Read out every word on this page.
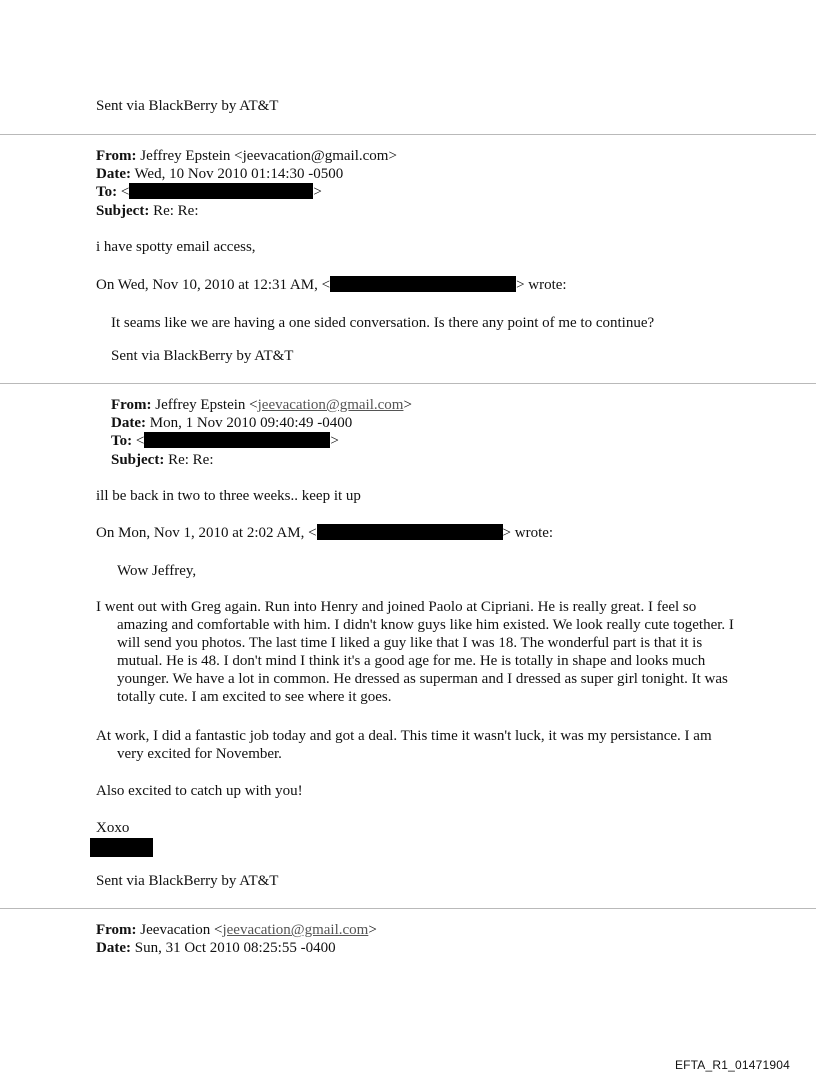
Sent via BlackBerry by AT&T
From: Jeffrey Epstein <jeevacation@gmail.com>
Date: Wed, 10 Nov 2010 01:14:30 -0500
To: <	>
Subject: Re: Re:
i have spotty email access,
On Wed, Nov 10, 2010 at 12:31 AM, <	> wrote:
It seams like we are having a one sided conversation. Is there any point of me to continue?
Sent via BlackBerry by AT&T
From: Jeffrey Epstein <jeevacation@gmail.com>
Date: Mon, 1 Nov 2010 09:40:49 -0400
To: <	>
Subject: Re: Re:
ill be back in two to three weeks.. keep it up
On Mon, Nov 1, 2010 at 2:02 AM, <	> wrote:
Wow Jeffrey,
I went out with Greg again. Run into Henry and joined Paolo at Cipriani. He is really great. I feel so amazing and comfortable with him. I didn't know guys like him existed. We look really cute together. I will send you photos. The last time I liked a guy like that I was 18. The wonderful part is that it is mutual. He is 48. I don't mind I think it's a good age for me. He is totally in shape and looks much younger. We have a lot in common. He dressed as superman and I dressed as super girl tonight. It was totally cute. I am excited to see where it goes.
At work, I did a fantastic job today and got a deal. This time it wasn't luck, it was my persistance. I am very excited for November.
Also excited to catch up with you!
Xoxo
Sent via BlackBerry by AT&T
From: Jeevacation <jeevacation@gmail.com>
Date: Sun, 31 Oct 2010 08:25:55 -0400
EFTA_R1_01471904
